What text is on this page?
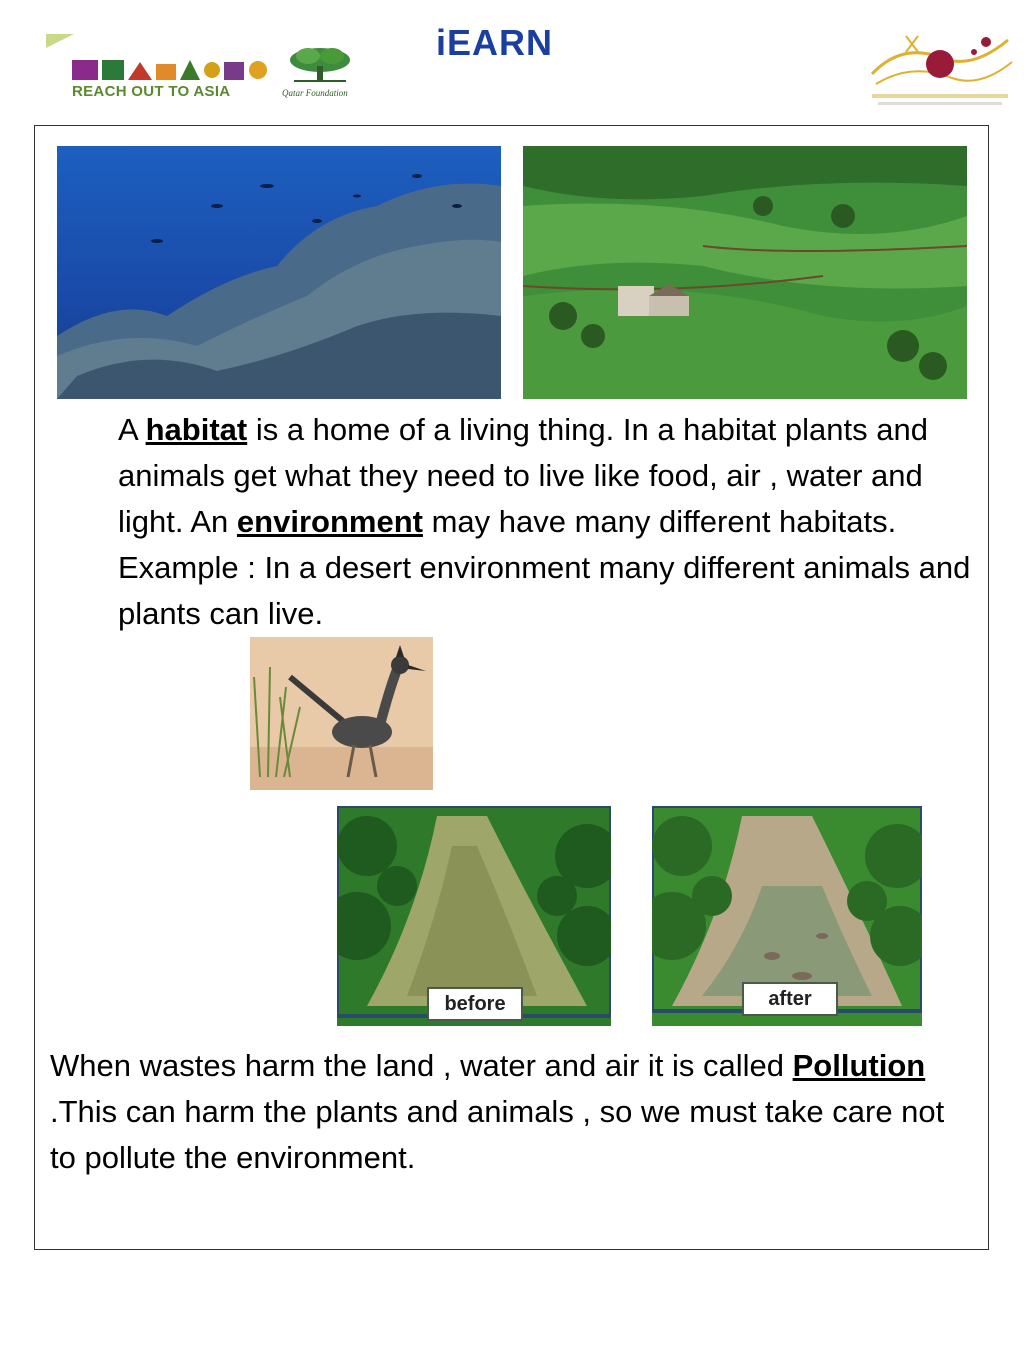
REACH OUT TO ASIA	Qatar Foundation
iEARN
A habitat is a home of a living thing. In a habitat plants and animals get what they need to live like food, air , water and light. An environment may have many different habitats. Example : In a desert environment many different animals and plants can live.
before	after
When wastes harm the land , water and air it is called Pollution .This can harm the plants and animals , so we must take care not to pollute the environment.
